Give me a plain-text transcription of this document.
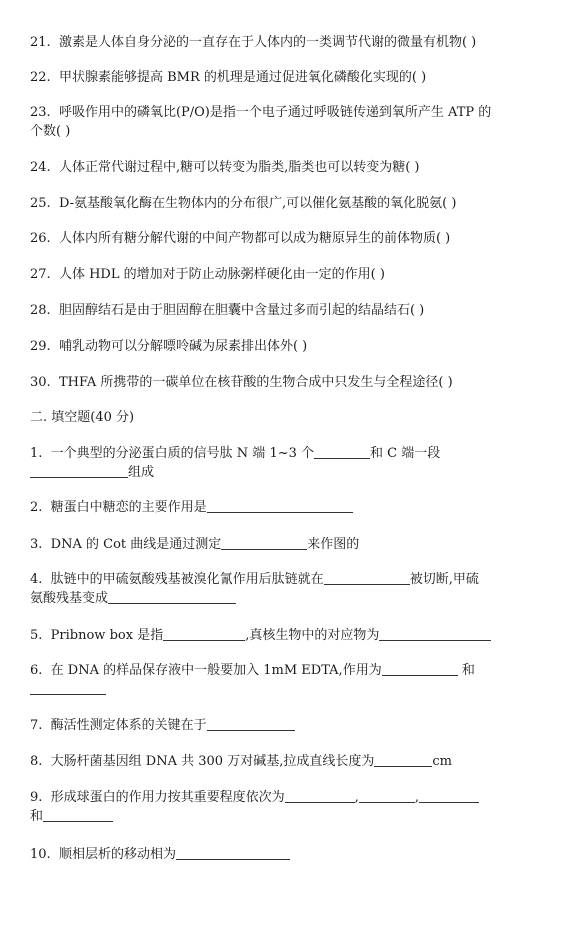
21. 激素是人体自身分泌的一直存在于人体内的一类调节代谢的微量有机物( )
22. 甲状腺素能够提高 BMR 的机理是通过促进氧化磷酸化实现的( )
23. 呼吸作用中的磷氧比(P/O)是指一个电子通过呼吸链传递到氧所产生 ATP 的
个数( )
24. 人体正常代谢过程中,糖可以转变为脂类,脂类也可以转变为糖( )
25. D-氨基酸氧化酶在生物体内的分布很广,可以催化氨基酸的氧化脱氨( )
26. 人体内所有糖分解代谢的中间产物都可以成为糖原异生的前体物质( )
27. 人体 HDL 的增加对于防止动脉粥样硬化由一定的作用( )
28. 胆固醇结石是由于胆固醇在胆囊中含量过多而引起的结晶结石( )
29. 哺乳动物可以分解嘌呤碱为尿素排出体外( )
30. THFA 所携带的一碳单位在核苷酸的生物合成中只发生与全程途径( )
二. 填空题(40 分)
1. 一个典型的分泌蛋白质的信号肽 N 端 1~3 个	和 C 端一段
组成
2. 糖蛋白中糖恋的主要作用是
3. DNA 的 Cot 曲线是通过测定	来作图的
4. 肽链中的甲硫氨酸残基被溴化氰作用后肽链就在	被切断,甲硫
氨酸残基变成
5. Pribnow box 是指	,真核生物中的对应物为
6. 在 DNA 的样品保存液中一般要加入 1mM EDTA,作用为	和
7. 酶活性测定体系的关键在于
8. 大肠杆菌基因组 DNA 共 300 万对碱基,拉成直线长度为	cm
9. 形成球蛋白的作用力按其重要程度依次为	,	,
和
10. 顺相层析的移动相为
